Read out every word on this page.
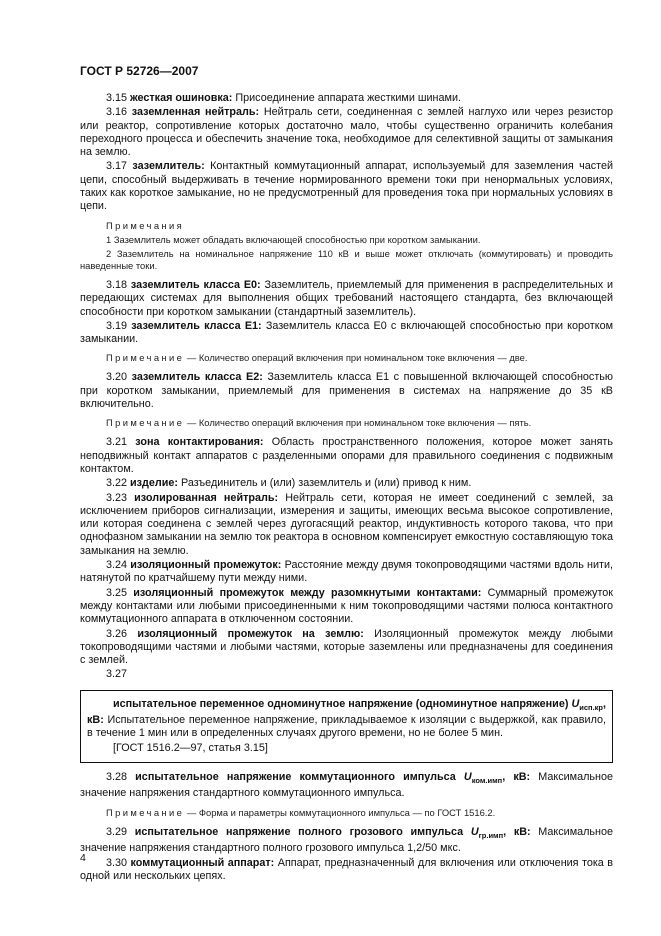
ГОСТ Р 52726—2007

3.15 жесткая ошиновка: Присоединение аппарата жесткими шинами.

3.16 заземленная нейтраль: Нейтраль сети, соединенная с землей наглухо или через резистор или реактор, сопротивление которых достаточно мало, чтобы существенно ограничить колебания переходного процесса и обеспечить значение тока, необходимое для селективной защиты от замыкания на землю.

3.17 заземлитель: Контактный коммутационный аппарат, используемый для заземления частей цепи, способный выдерживать в течение нормированного времени токи при ненормальных условиях, таких как короткое замыкание, но не предусмотренный для проведения тока при нормальных условиях в цепи.

Примечания

1 Заземлитель может обладать включающей способностью при коротком замыкании.

2 Заземлитель на номинальное напряжение 110 кВ и выше может отключать (коммутировать) и проводить наведенные токи.

3.18 заземлитель класса Е0: Заземлитель, приемлемый для применения в распределительных и передающих системах для выполнения общих требований настоящего стандарта, без включающей способности при коротком замыкании (стандартный заземлитель).

3.19 заземлитель класса Е1: Заземлитель класса Е0 с включающей способностью при коротком замыкании.

Примечание — Количество операций включения при номинальном токе включения — две.

3.20 заземлитель класса Е2: Заземлитель класса Е1 с повышенной включающей способностью при коротком замыкании, приемлемый для применения в системах на напряжение до 35 кВ включительно.

Примечание — Количество операций включения при номинальном токе включения — пять.

3.21 зона контактирования: Область пространственного положения, которое может занять неподвижный контакт аппаратов с разделенными опорами для правильного соединения с подвижным контактом.

3.22 изделие: Разъединитель и (или) заземлитель и (или) привод к ним.

3.23 изолированная нейтраль: Нейтраль сети, которая не имеет соединений с землей, за исключением приборов сигнализации, измерения и защиты, имеющих весьма высокое сопротивление, или которая соединена с землей через дугогасящий реактор, индуктивность которого такова, что при однофазном замыкании на землю ток реактора в основном компенсирует емкостную составляющую тока замыкания на землю.

3.24 изоляционный промежуток: Расстояние между двумя токопроводящими частями вдоль нити, натянутой по кратчайшему пути между ними.

3.25 изоляционный промежуток между разомкнутыми контактами: Суммарный промежуток между контактами или любыми присоединенными к ним токопроводящими частями полюса контактного коммутационного аппарата в отключенном состоянии.

3.26 изоляционный промежуток на землю: Изоляционный промежуток между любыми токопроводящими частями и любыми частями, которые заземлены или предназначены для соединения с землей.

3.27

испытательное переменное одноминутное напряжение (одноминутное напряжение) $U_{исп.кр}$, кВ: Испытательное переменное напряжение, прикладываемое к изоляции с выдержкой, как правило, в течение 1 мин или в определенных случаях другого времени, но не более 5 мин.

[ГОСТ 1516.2—97, статья 3.15]

3.28 испытательное напряжение коммутационного импульса $U_{ком.имп}$, кВ: Максимальное значение напряжения стандартного коммутационного импульса.

Примечание — Форма и параметры коммутационного импульса — по ГОСТ 1516.2.

3.29 испытательное напряжение полного грозового импульса $U_{гр.имп}$, кВ: Максимальное значение напряжения стандартного полного грозового импульса 1,2/50 мкс.

3.30 коммутационный аппарат: Аппарат, предназначенный для включения или отключения тока в одной или нескольких цепях.

4
